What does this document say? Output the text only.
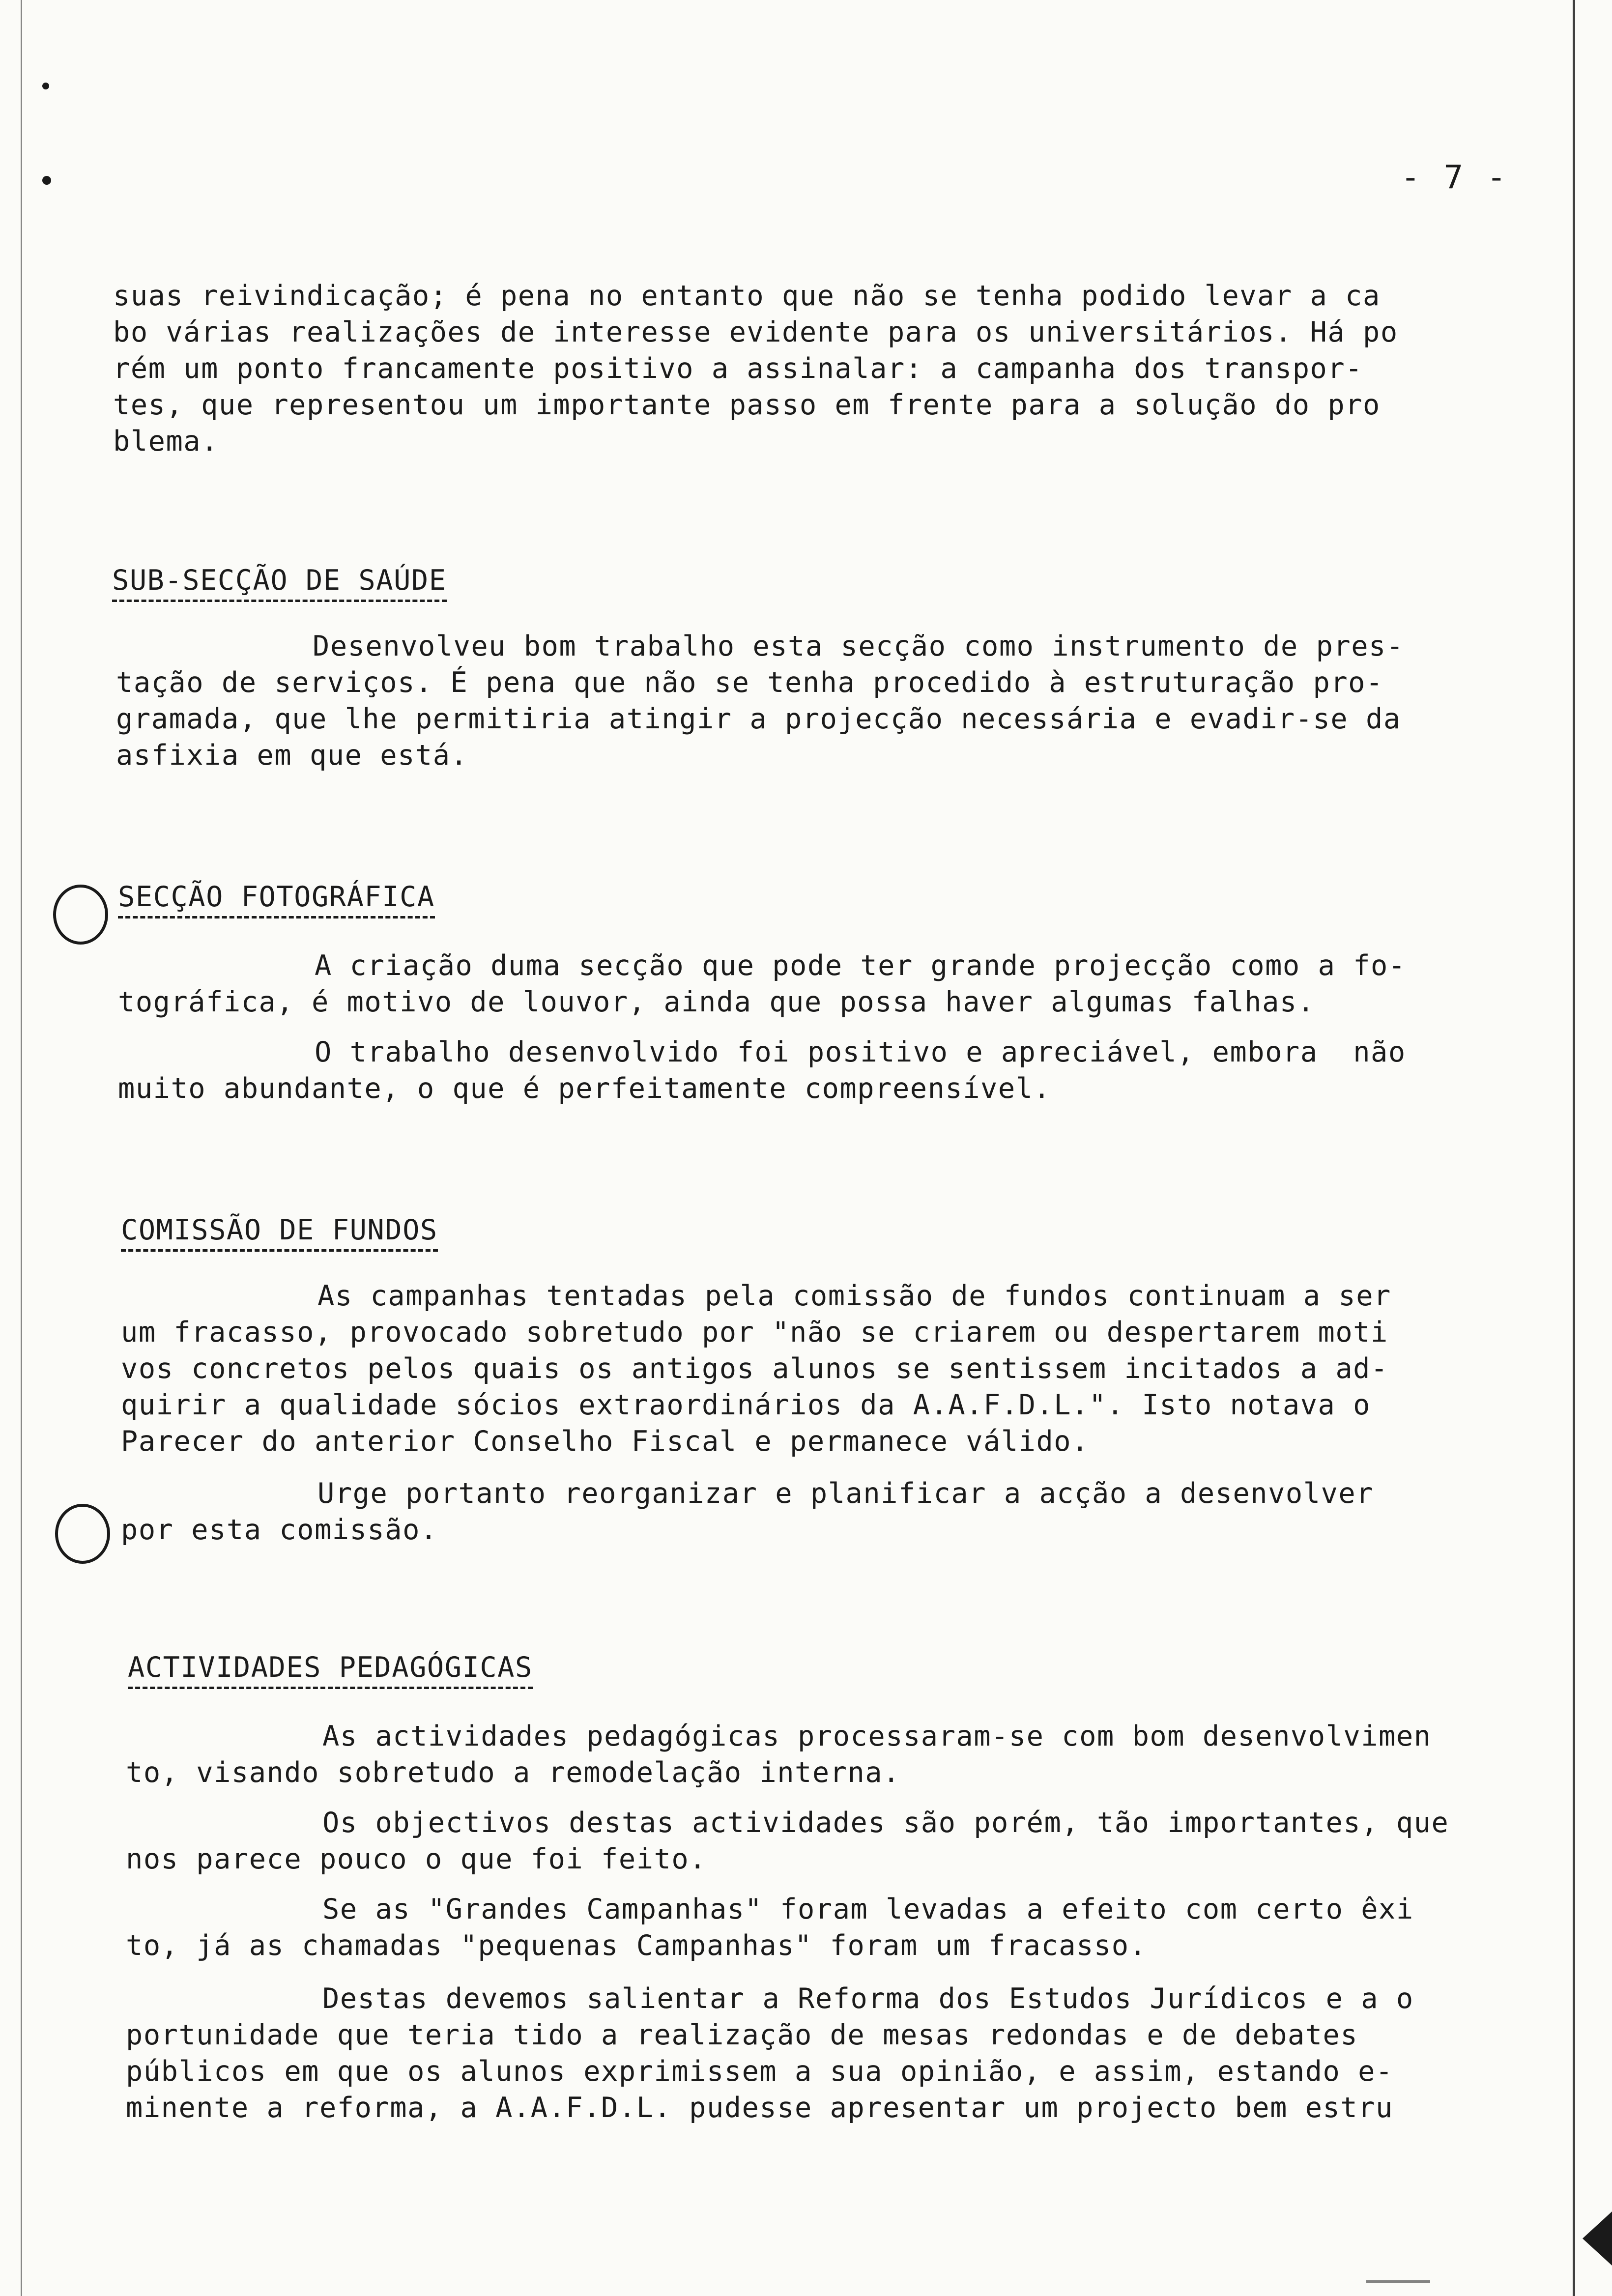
- 7 -
suas reivindicação; é pena no entanto que não se tenha podido levar a ca
bo várias realizações de interesse evidente para os universitários. Há po
rém um ponto francamente positivo a assinalar: a campanha dos transpor-
tes, que representou um importante passo em frente para a solução do pro
blema.
SUB-SECÇÃO DE SAÚDE
Desenvolveu bom trabalho esta secção como instrumento de pres-
tação de serviços. É pena que não se tenha procedido à estruturação pro-
gramada, que lhe permitiria atingir a projecção necessária e evadir-se da
asfixia em que está.
SECÇÃO FOTOGRÁFICA
A criação duma secção que pode ter grande projecção como a fo-
tográfica, é motivo de louvor, ainda que possa haver algumas falhas.
O trabalho desenvolvido foi positivo e apreciável, embora  não
muito abundante, o que é perfeitamente compreensível.
COMISSÃO DE FUNDOS
As campanhas tentadas pela comissão de fundos continuam a ser
um fracasso, provocado sobretudo por "não se criarem ou despertarem moti
vos concretos pelos quais os antigos alunos se sentissem incitados a ad-
quirir a qualidade sócios extraordinários da A.A.F.D.L.". Isto notava o
Parecer do anterior Conselho Fiscal e permanece válido.
Urge portanto reorganizar e planificar a acção a desenvolver
por esta comissão.
ACTIVIDADES PEDAGÓGICAS
As actividades pedagógicas processaram-se com bom desenvolvimen
to, visando sobretudo a remodelação interna.
Os objectivos destas actividades são porém, tão importantes, que
nos parece pouco o que foi feito.
Se as "Grandes Campanhas" foram levadas a efeito com certo êxi
to, já as chamadas "pequenas Campanhas" foram um fracasso.
Destas devemos salientar a Reforma dos Estudos Jurídicos e a o
portunidade que teria tido a realização de mesas redondas e de debates
públicos em que os alunos exprimissem a sua opinião, e assim, estando e-
minente a reforma, a A.A.F.D.L. pudesse apresentar um projecto bem estru
